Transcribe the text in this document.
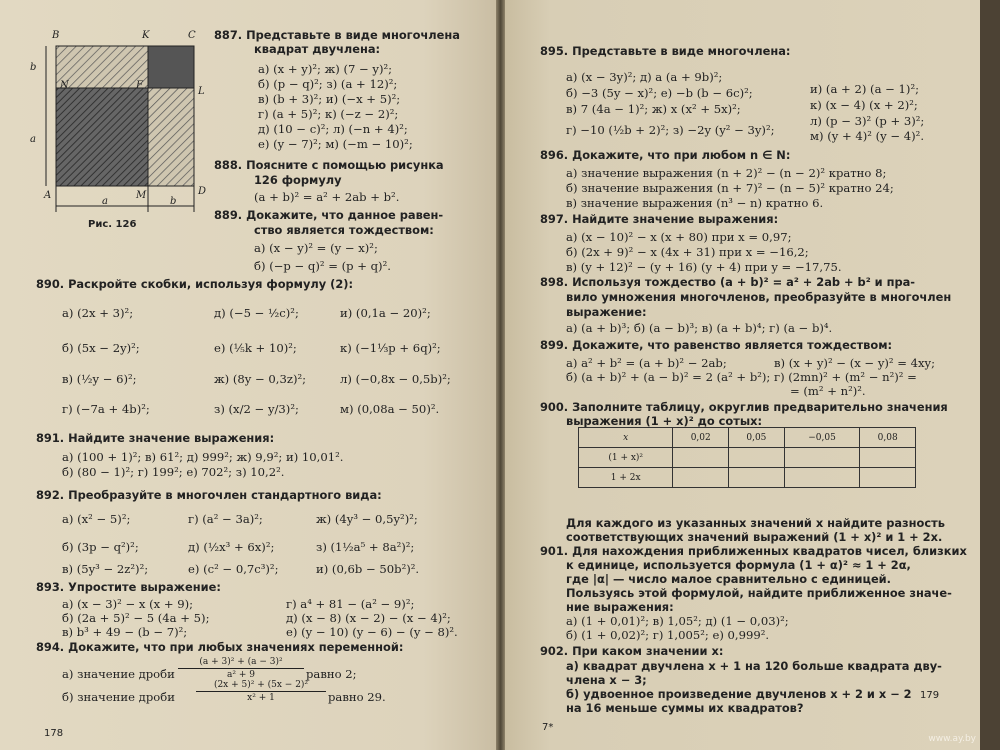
B	K	C
N	F
L
A	M	D
a
b
a	b
Рис. 126
887. Представьте в виде многочлена
квадрат двучлена:
а) (x + y)²; ж) (7 − y)²;
б) (p − q)²; з) (a + 12)²;
в) (b + 3)²; и) (−x + 5)²;
г) (a + 5)²; к) (−z − 2)²;
д) (10 − c)²; л) (−n + 4)²;
е) (y − 7)²; м) (−m − 10)²;
888. Поясните с помощью рисунка
126 формулу
(a + b)² = a² + 2ab + b².
889. Докажите, что данное равен-
ство является тождеством:
а) (x − y)² = (y − x)²;
б) (−p − q)² = (p + q)².
890. Раскройте скобки, используя формулу (2):
а) (2x + 3)²;	д) (−5 − ½c)²;	и) (0,1a − 20)²;
б) (5x − 2y)²;	е) (⅕k + 10)²;	к) (−1⅓p + 6q)²;
в) (½y − 6)²;	ж) (8y − 0,3z)²;	л) (−0,8x − 0,5b)²;
г) (−7a + 4b)²;	з) (x/2 − y/3)²;	м) (0,08a − 50)².
891. Найдите значение выражения:
а) (100 + 1)²; в) 61²; д) 999²; ж) 9,9²; и) 10,01².
б) (80 − 1)²; г) 199²; е) 702²; з) 10,2².
892. Преобразуйте в многочлен стандартного вида:
а) (x² − 5)²;	г) (a² − 3a)²;	ж) (4y³ − 0,5y²)²;
б) (3p − q²)²;	д) (½x³ + 6x)²;	з) (1½a⁵ + 8a²)²;
в) (5y³ − 2z²)²;	е) (c² − 0,7c³)²;	и) (0,6b − 50b²)².
893. Упростите выражение:
а) (x − 3)² − x (x + 9);	г) a⁴ + 81 − (a² − 9)²;
б) (2a + 5)² − 5 (4a + 5);	д) (x − 8) (x − 2) − (x − 4)²;
в) b³ + 49 − (b − 7)²;	е) (y − 10) (y − 6) − (y − 8)².
894. Докажите, что при любых значениях переменной:
а) значение дроби	равно 2;
б) значение дроби	равно 29.
895. Представьте в виде многочлена:
а) (x − 3y)²; д) a (a + 9b)²;
и) (a + 2) (a − 1)²;
б) −3 (5y − x)²; е) −b (b − 6c)²;
к) (x − 4) (x + 2)²;
в) 7 (4a − 1)²; ж) x (x² + 5x)²;
л) (p − 3)² (p + 3)²;
г) −10 (½b + 2)²; з) −2y (y² − 3y)²;	м) (y + 4)² (y − 4)².
896. Докажите, что при любом n ∈ N:
а) значение выражения (n + 2)² − (n − 2)² кратно 8;
б) значение выражения (n + 7)² − (n − 5)² кратно 24;
в) значение выражения (n³ − n) кратно 6.
897. Найдите значение выражения:
а) (x − 10)² − x (x + 80) при x = 0,97;
б) (2x + 9)² − x (4x + 31) при x = −16,2;
в) (y + 12)² − (y + 16) (y + 4) при y = −17,75.
898. Используя тождество (a + b)² = a² + 2ab + b² и пра-
вило умножения многочленов, преобразуйте в многочлен
выражение:
а) (a + b)³; б) (a − b)³; в) (a + b)⁴; г) (a − b)⁴.
899. Докажите, что равенство является тождеством:
а) a² + b² = (a + b)² − 2ab;	в) (x + y)² − (x − y)² = 4xy;
б) (a + b)² + (a − b)² = 2 (a² + b²); г) (2mn)² + (m² − n²)² =
= (m² + n²)².
900. Заполните таблицу, округлив предварительно значения
выражения (1 + x)² до сотых:
Для каждого из указанных значений x найдите разность
соответствующих значений выражений (1 + x)² и 1 + 2x.
901. Для нахождения приближенных квадратов чисел, близких
к единице, используется формула (1 + α)² ≈ 1 + 2α,
где |α| — число малое сравнительно с единицей.
Пользуясь этой формулой, найдите приближенное значе-
ние выражения:
а) (1 + 0,01)²; в) 1,05²; д) (1 − 0,03)²;
б) (1 + 0,02)²; г) 1,005²; е) 0,999².
902. При каком значении x:
а) квадрат двучлена x + 1 на 120 больше квадрата дву-
члена x − 3;
б) удвоенное произведение двучленов x + 2 и x − 2
на 16 меньше суммы их квадратов?
(a + 3)² + (a − 3)²
a² + 9
(2x + 5)² + (5x − 2)²
x² + 1
x	0,02	0,05	−0,05	0,08
(1 + x)²				
1 + 2x				
178
7*
179
www.ay.by
